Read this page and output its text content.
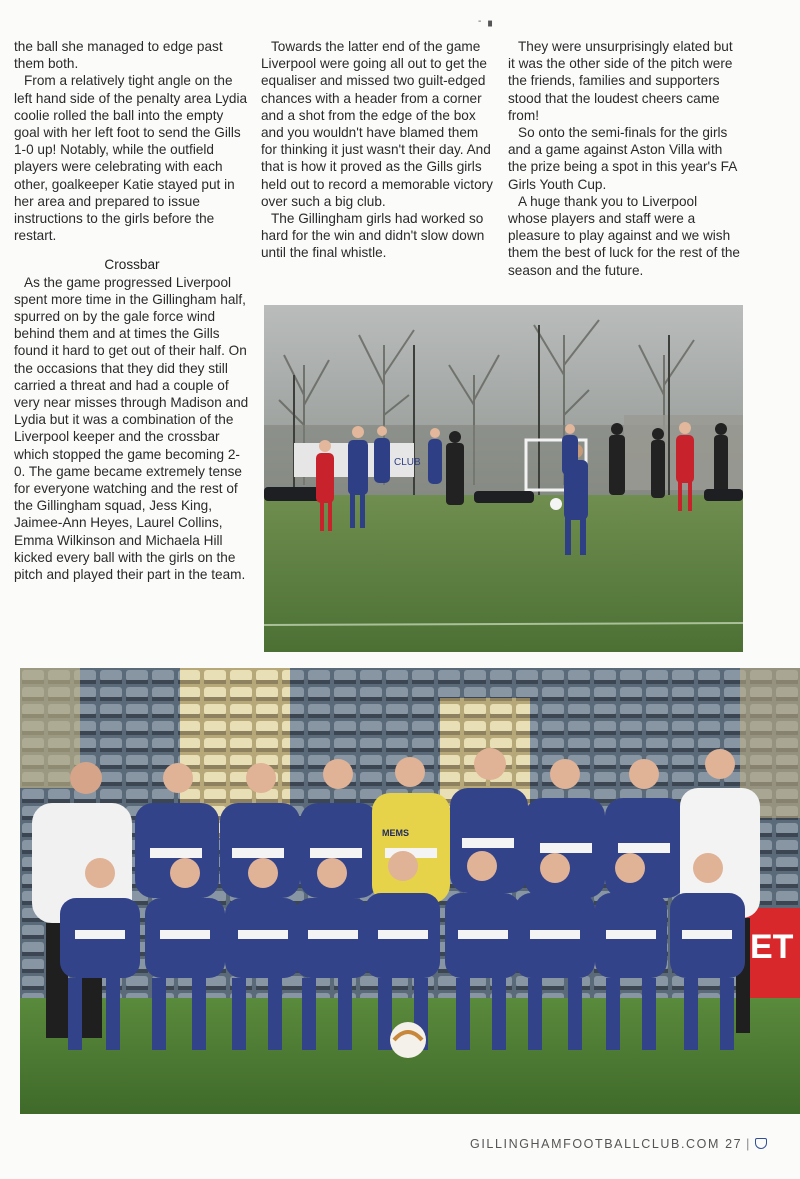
- ▗

the ball she managed to edge past them both.

From a relatively tight angle on the left hand side of the penalty area Lydia coolie rolled the ball into the empty goal with her left foot to send the Gills 1-0 up! Notably, while the outfield players were celebrating with each other, goalkeeper Katie stayed put in her area and prepared to issue instructions to the girls before the restart.

Crossbar

As the game progressed Liverpool spent more time in the Gillingham half, spurred on by the gale force wind behind them and at times the Gills found it hard to get out of their half. On the occasions that they did they still carried a threat and had a couple of very near misses through Madison and Lydia but it was a combination of the Liverpool keeper and the crossbar which stopped the game becoming 2-0. The game became extremely tense for everyone watching and the rest of the Gillingham squad, Jess King, Jaimee-Ann Heyes, Laurel Collins, Emma Wilkinson and Michaela Hill kicked every ball with the girls on the pitch and played their part in the team.

Towards the latter end of the game Liverpool were going all out to get the equaliser and missed two guilt-edged chances with a header from a corner and a shot from the edge of the box and you wouldn't have blamed them for thinking it just wasn't their day. And that is how it proved as the Gills girls held out to record a memorable victory over such a big club.

The Gillingham girls had worked so hard for the win and didn't slow down until the final whistle.

They were unsurprisingly elated but it was the other side of the pitch were the friends, families and supporters stood that the loudest cheers came from!

So onto the semi-finals for the girls and a game against Aston Villa with the prize being a spot in this year's FA Girls Youth Cup.

A huge thank you to Liverpool whose players and staff were a pleasure to play against and we wish them the best of luck for the rest of the season and the future.

CLUB
ET
MEMS
GILLINGHAMFOOTBALLCLUB.COM 27 |
